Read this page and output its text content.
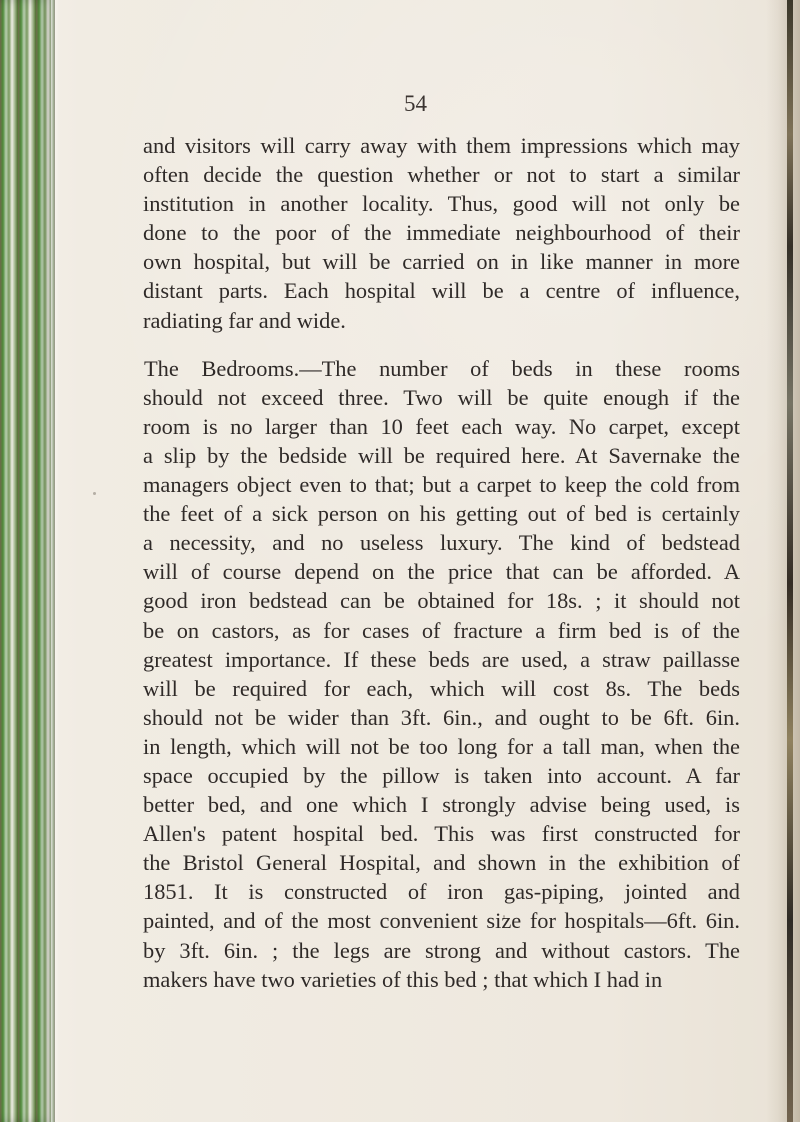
54
and visitors will carry away with them impressions which may
often decide the question whether or not to start a similar
institution in another locality. Thus, good will not only be
done to the poor of the immediate neighbourhood of their
own hospital, but will be carried on in like manner in more
distant parts. Each hospital will be a centre of influence,
radiating far and wide.
The Bedrooms.—The number of beds in these rooms
should not exceed three. Two will be quite enough if the
room is no larger than 10 feet each way. No carpet, except
a slip by the bedside will be required here. At Savernake the
managers object even to that; but a carpet to keep the cold from
the feet of a sick person on his getting out of bed is certainly
a necessity, and no useless luxury. The kind of bedstead
will of course depend on the price that can be afforded. A
good iron bedstead can be obtained for 18s. ; it should not
be on castors, as for cases of fracture a firm bed is of the
greatest importance. If these beds are used, a straw paillasse
will be required for each, which will cost 8s. The beds
should not be wider than 3ft. 6in., and ought to be 6ft. 6in.
in length, which will not be too long for a tall man, when the
space occupied by the pillow is taken into account. A far
better bed, and one which I strongly advise being used, is
Allen's patent hospital bed. This was first constructed for
the Bristol General Hospital, and shown in the exhibition of
1851. It is constructed of iron gas-piping, jointed and
painted, and of the most convenient size for hospitals—6ft. 6in.
by 3ft. 6in. ; the legs are strong and without castors. The
makers have two varieties of this bed ; that which I had in
